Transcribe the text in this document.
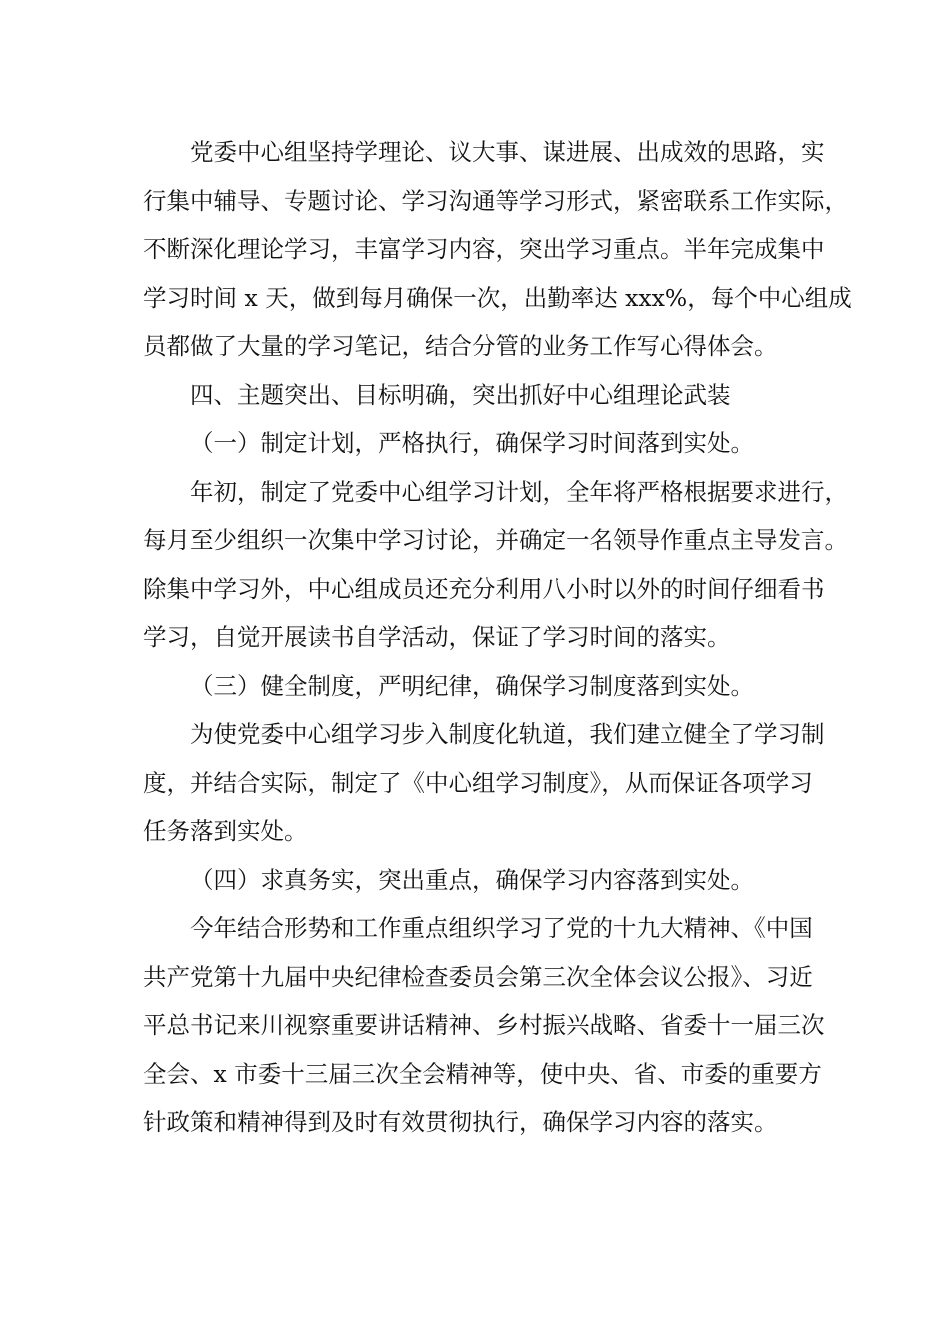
党委中心组坚持学理论、议大事、谋进展、出成效的思路，实
行集中辅导、专题讨论、学习沟通等学习形式，紧密联系工作实际，
不断深化理论学习，丰富学习内容，突出学习重点。半年完成集中
学习时间 x 天，做到每月确保一次，出勤率达 xxx%，每个中心组成
员都做了大量的学习笔记，结合分管的业务工作写心得体会。
四、主题突出、目标明确，突出抓好中心组理论武装
（一）制定计划，严格执行，确保学习时间落到实处。
年初，制定了党委中心组学习计划，全年将严格根据要求进行，
每月至少组织一次集中学习讨论，并确定一名领导作重点主导发言。
除集中学习外，中心组成员还充分利用八小时以外的时间仔细看书
学习，自觉开展读书自学活动，保证了学习时间的落实。
（三）健全制度，严明纪律，确保学习制度落到实处。
为使党委中心组学习步入制度化轨道，我们建立健全了学习制
度，并结合实际，制定了《中心组学习制度》，从而保证各项学习
任务落到实处。
（四）求真务实，突出重点，确保学习内容落到实处。
今年结合形势和工作重点组织学习了党的十九大精神、《中国
共产党第十九届中央纪律检查委员会第三次全体会议公报》、习近
平总书记来川视察重要讲话精神、乡村振兴战略、省委十一届三次
全会、x 市委十三届三次全会精神等，使中央、省、市委的重要方
针政策和精神得到及时有效贯彻执行，确保学习内容的落实。
